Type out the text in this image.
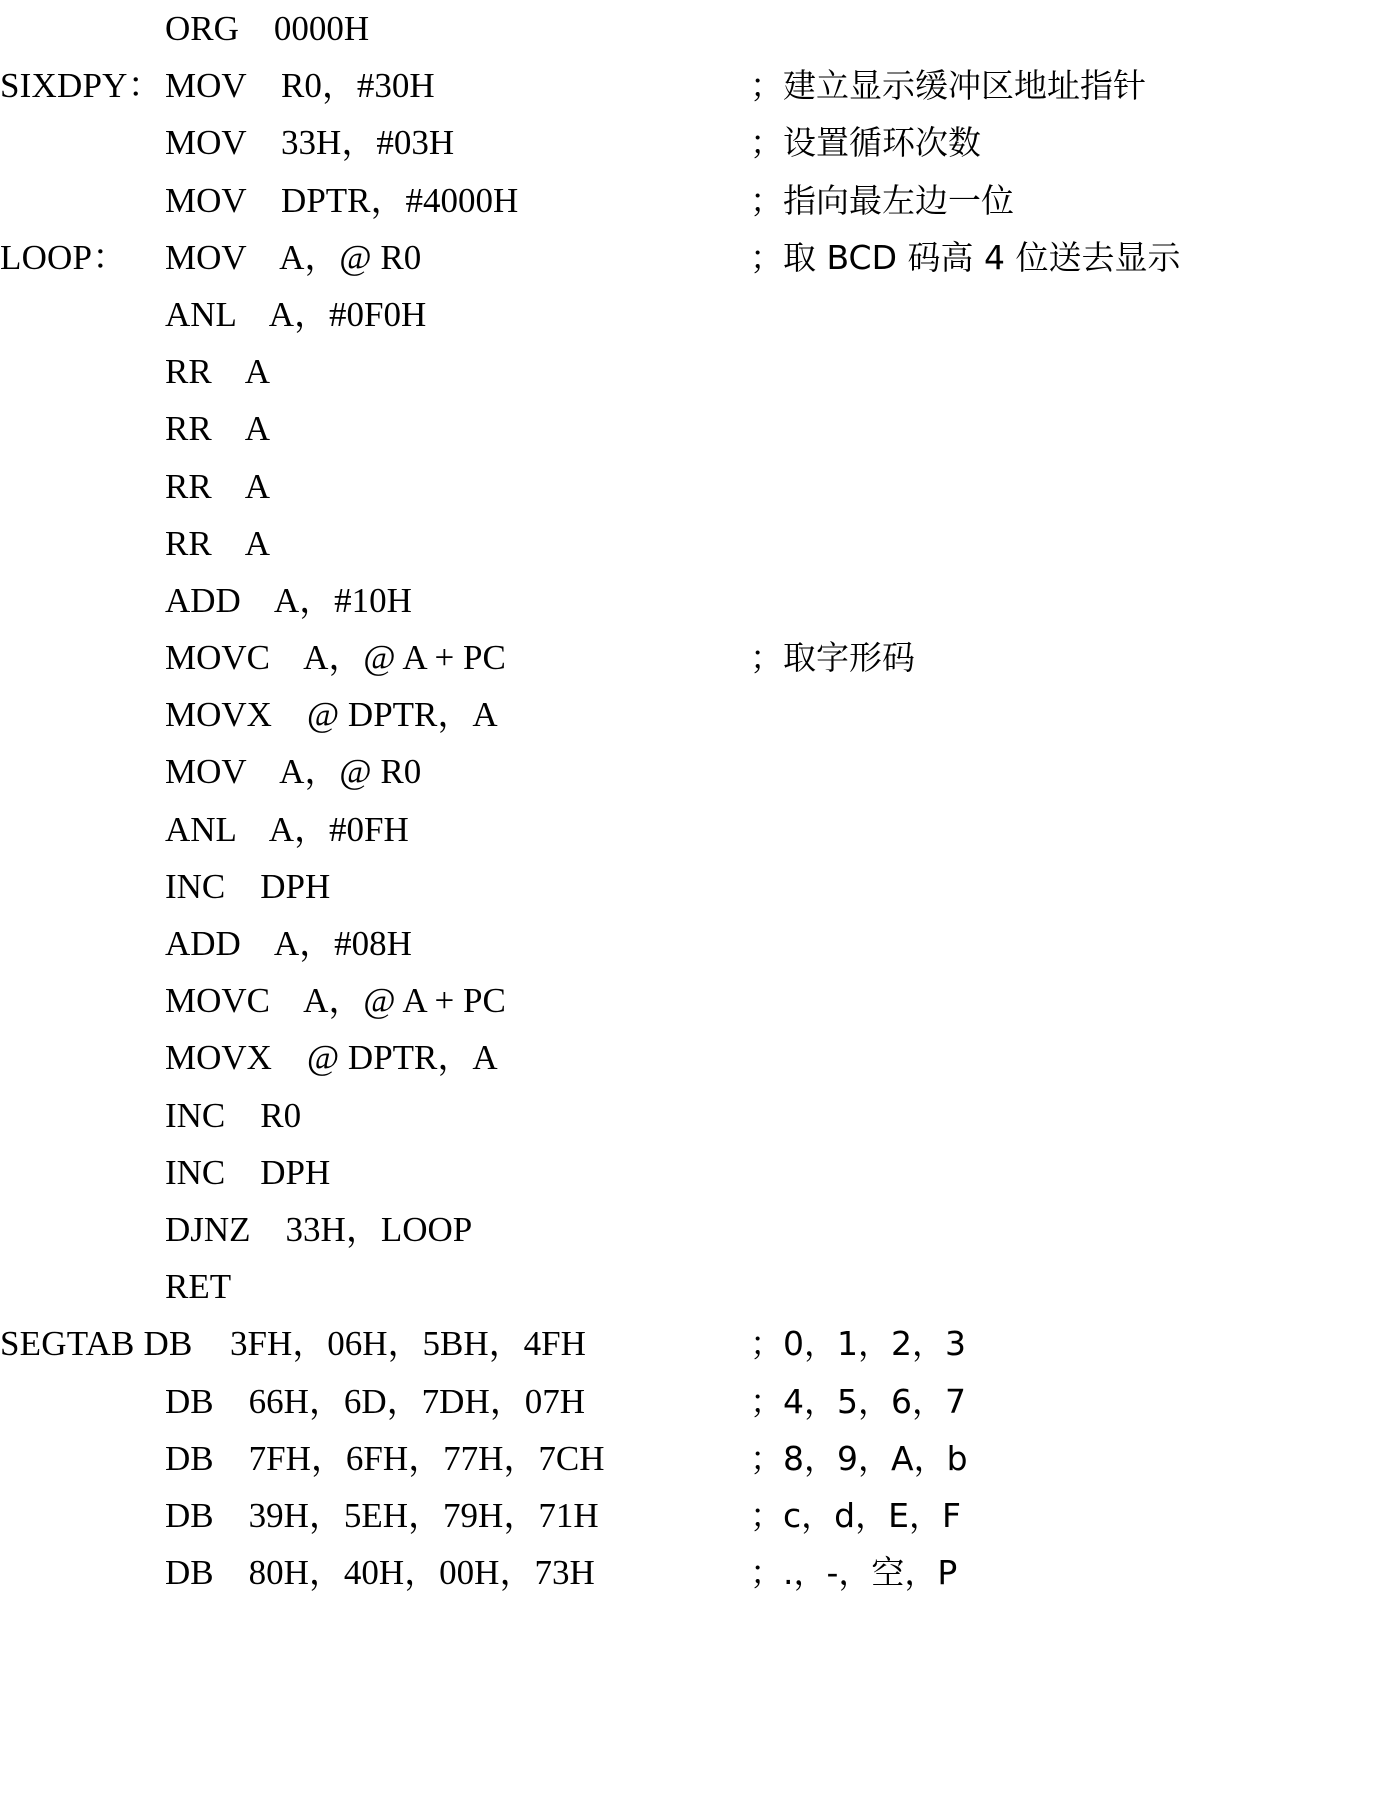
ORG    0000H
SIXDPY： MOV    R0，#30H	；建立显示缓冲区地址指针
MOV    33H，#03H	；设置循环次数
MOV    DPTR，#4000H	；指向最左边一位
LOOP：	MOV    A，@ R0	；取 BCD 码高 4 位送去显示
ANL    A，#0F0H
RR    A
RR    A
RR    A
RR    A
ADD    A，#10H
MOVC    A，@ A + PC	；取字形码
MOVX    @ DPTR，A
MOV    A，@ R0
ANL    A，#0FH
INC    DPH
ADD    A，#08H
MOVC    A，@ A + PC
MOVX    @ DPTR，A
INC    R0
INC    DPH
DJNZ    33H，LOOP
RET
SEGTAB DB	3FH，06H，5BH，4FH	；0，1，2，3
DB    66H，6D，7DH，07H	；4，5，6，7
DB    7FH，6FH，77H，7CH	；8，9，A，b
DB    39H，5EH，79H，71H	；c，d，E，F
DB    80H，40H，00H，73H	；.，-，空，P
